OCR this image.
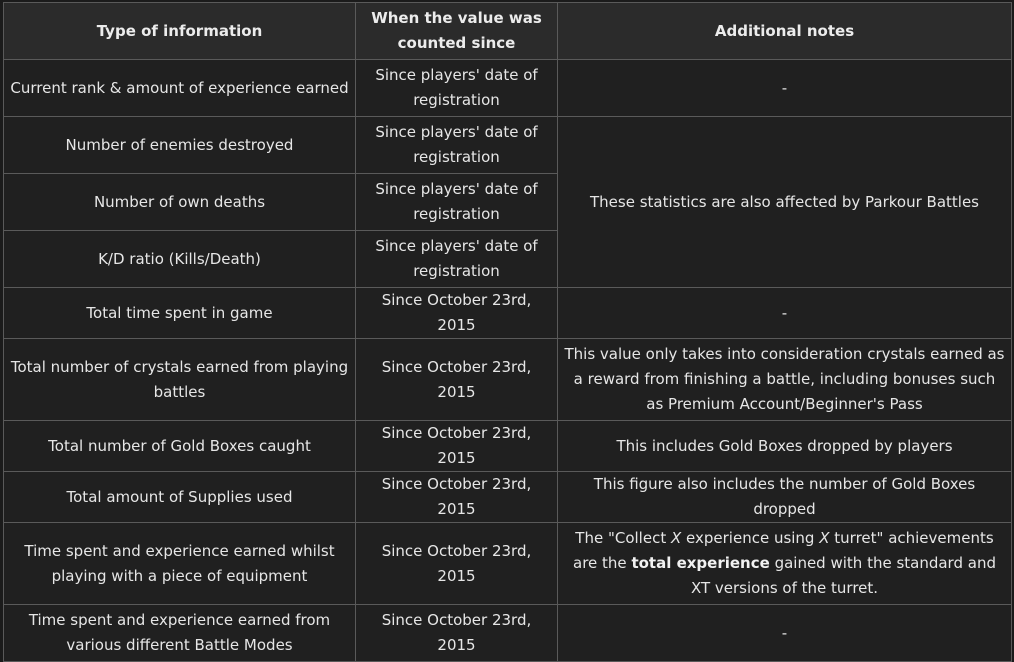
Type of information	When the value was counted since	Additional notes
Current rank & amount of experience earned	Since players' date of registration	-
Number of enemies destroyed	Since players' date of registration	These statistics are also affected by Parkour Battles
Number of own deaths	Since players' date of registration	
K/D ratio (Kills/Death)	Since players' date of registration	
Total time spent in game	Since October 23rd, 2015	-
Total number of crystals earned from playing battles	Since October 23rd, 2015	This value only takes into consideration crystals earned as a reward from finishing a battle, including bonuses such as Premium Account/Beginner's Pass
Total number of Gold Boxes caught	Since October 23rd, 2015	This includes Gold Boxes dropped by players
Total amount of Supplies used	Since October 23rd, 2015	This figure also includes the number of Gold Boxes dropped
Time spent and experience earned whilst playing with a piece of equipment	Since October 23rd, 2015	The "Collect X experience using X turret" achievements are the total experience gained with the standard and XT versions of the turret.
Time spent and experience earned from various different Battle Modes	Since October 23rd, 2015	-
